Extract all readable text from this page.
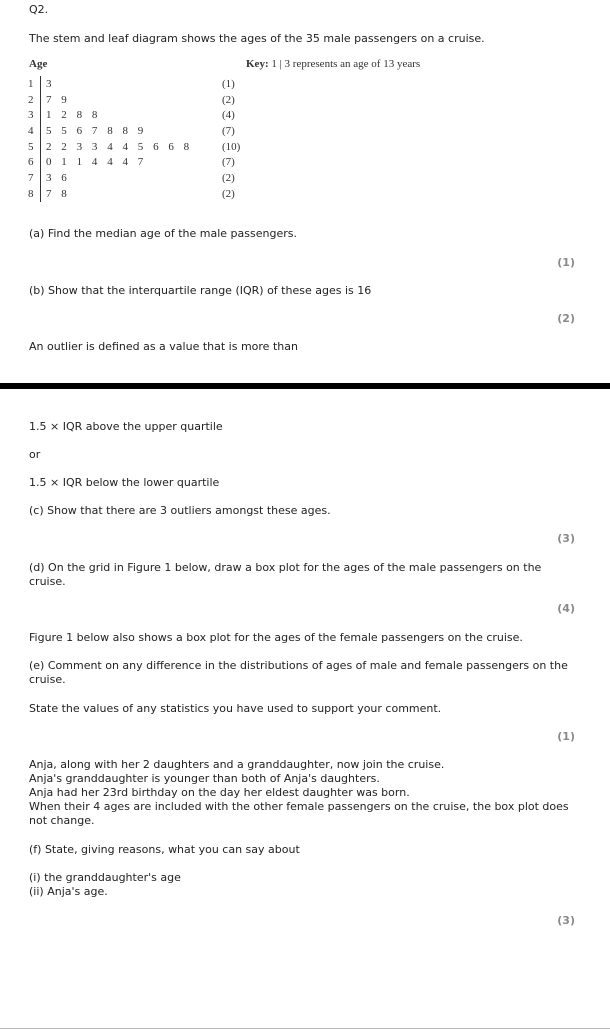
Q2.
The stem and leaf diagram shows the ages of the 35 male passengers on a cruise.
Age	Key: 1 | 3 represents an age of 13 years
1	3	(1)
2	7 9	(2)
3	1 2 8 8	(4)
4	5 5 6 7 8 8 9	(7)
5	2 2 3 3 4 4 5 6 6 8	(10)
6	0 1 1 4 4 4 7	(7)
7	3 6	(2)
8	7 8	(2)
(a) Find the median age of the male passengers.
(1)
(b) Show that the interquartile range (IQR) of these ages is 16
(2)
An outlier is defined as a value that is more than
1.5 × IQR above the upper quartile
or
1.5 × IQR below the lower quartile
(c) Show that there are 3 outliers amongst these ages.
(3)
(d) On the grid in Figure 1 below, draw a box plot for the ages of the male passengers on the cruise.
(4)
Figure 1 below also shows a box plot for the ages of the female passengers on the cruise.
(e) Comment on any difference in the distributions of ages of male and female passengers on the cruise.
State the values of any statistics you have used to support your comment.
(1)
Anja, along with her 2 daughters and a granddaughter, now join the cruise.
Anja's granddaughter is younger than both of Anja's daughters.
Anja had her 23rd birthday on the day her eldest daughter was born.
When their 4 ages are included with the other female passengers on the cruise, the box plot does not change.
(f) State, giving reasons, what you can say about
(i) the granddaughter's age
(ii) Anja's age.
(3)
